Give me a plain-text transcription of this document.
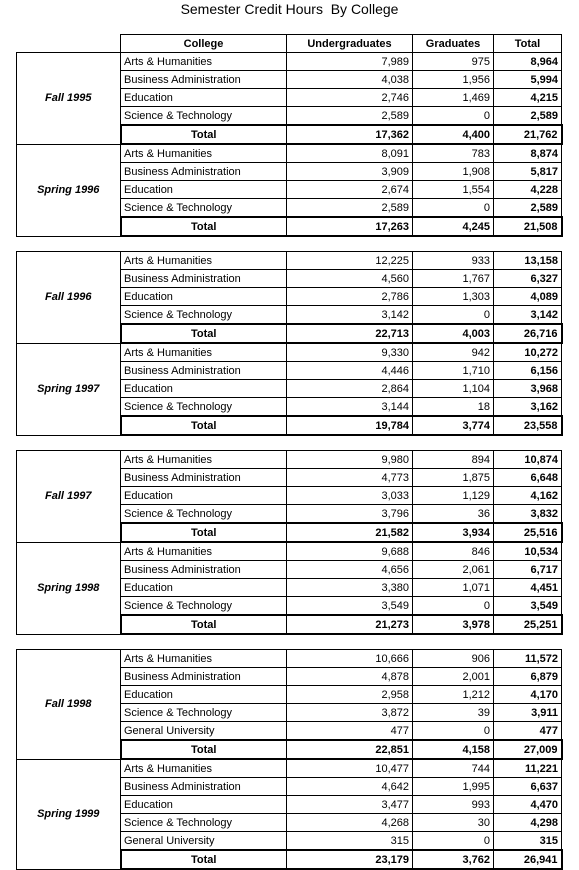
Semester Credit Hours  By College
	College	Undergraduates	Graduates	Total
Fall 1995	Arts & Humanities	7,989	975	8,964
	Business Administration	4,038	1,956	5,994
	Education	2,746	1,469	4,215
	Science & Technology	2,589	0	2,589
	Total	17,362	4,400	21,762
Spring 1996	Arts & Humanities	8,091	783	8,874
	Business Administration	3,909	1,908	5,817
	Education	2,674	1,554	4,228
	Science & Technology	2,589	0	2,589
	Total	17,263	4,245	21,508

Fall 1996	Arts & Humanities	12,225	933	13,158
	Business Administration	4,560	1,767	6,327
	Education	2,786	1,303	4,089
	Science & Technology	3,142	0	3,142
	Total	22,713	4,003	26,716
Spring 1997	Arts & Humanities	9,330	942	10,272
	Business Administration	4,446	1,710	6,156
	Education	2,864	1,104	3,968
	Science & Technology	3,144	18	3,162
	Total	19,784	3,774	23,558

Fall 1997	Arts & Humanities	9,980	894	10,874
	Business Administration	4,773	1,875	6,648
	Education	3,033	1,129	4,162
	Science & Technology	3,796	36	3,832
	Total	21,582	3,934	25,516
Spring 1998	Arts & Humanities	9,688	846	10,534
	Business Administration	4,656	2,061	6,717
	Education	3,380	1,071	4,451
	Science & Technology	3,549	0	3,549
	Total	21,273	3,978	25,251

Fall 1998	Arts & Humanities	10,666	906	11,572
	Business Administration	4,878	2,001	6,879
	Education	2,958	1,212	4,170
	Science & Technology	3,872	39	3,911
	General University	477	0	477
	Total	22,851	4,158	27,009
Spring 1999	Arts & Humanities	10,477	744	11,221
	Business Administration	4,642	1,995	6,637
	Education	3,477	993	4,470
	Science & Technology	4,268	30	4,298
	General University	315	0	315
	Total	23,179	3,762	26,941
